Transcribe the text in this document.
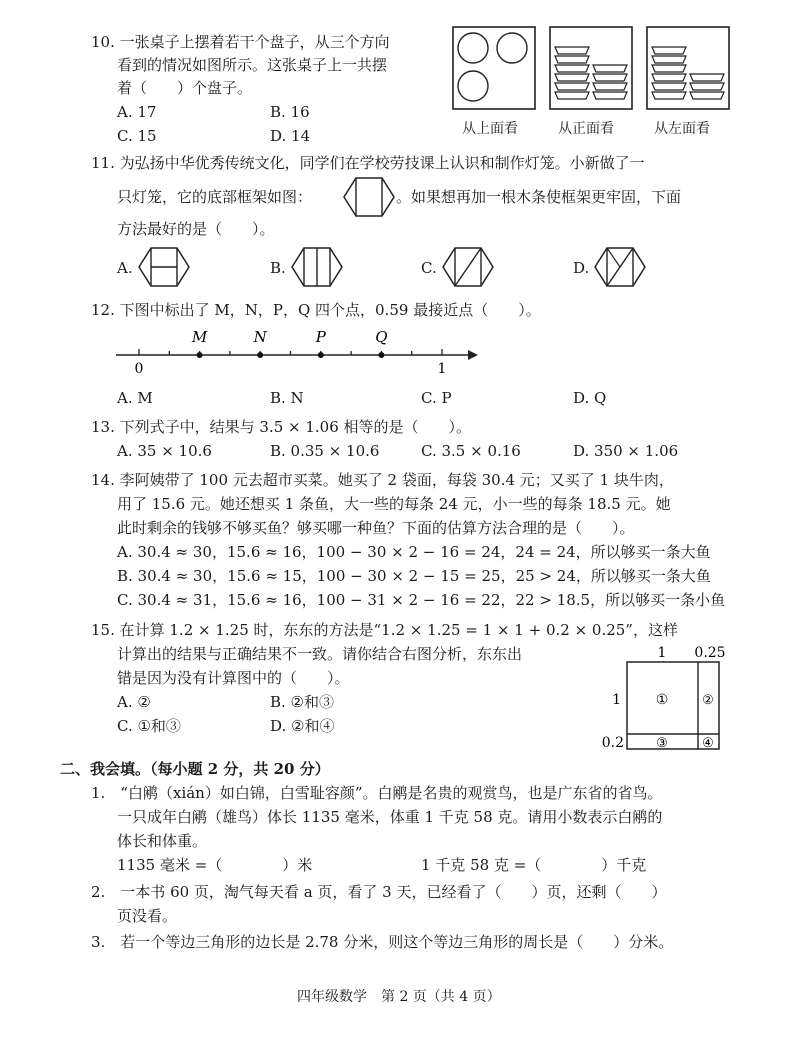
10. 一张桌子上摆着若干个盘子，从三个方向
看到的情况如图所示。这张桌子上一共摆
着（　　）个盘子。
A. 17	B. 16
C. 15	D. 14	从上面看	从正面看	从左面看
11. 为弘扬中华优秀传统文化，同学们在学校劳技课上认识和制作灯笼。小新做了一
只灯笼，它的底部框架如图：	。如果想再加一根木条使框架更牢固，下面
方法最好的是（　　）。
A.	B.	C.	D.
12. 下图中标出了 M，N，P，Q 四个点，0.59 最接近点（　　）。
M	N	P	Q
0	1
A. M	B. N	C. P	D. Q
13. 下列式子中，结果与 3.5 × 1.06 相等的是（　　）。
A. 35 × 10.6	B. 0.35 × 10.6	C. 3.5 × 0.16	D. 350 × 1.06
14. 李阿姨带了 100 元去超市买菜。她买了 2 袋面，每袋 30.4 元；又买了 1 块牛肉，
用了 15.6 元。她还想买 1 条鱼，大一些的每条 24 元，小一些的每条 18.5 元。她
此时剩余的钱够不够买鱼？够买哪一种鱼？下面的估算方法合理的是（　　）。
A. 30.4 ≈ 30，15.6 ≈ 16，100 − 30 × 2 − 16 = 24，24 = 24，所以够买一条大鱼
B. 30.4 ≈ 30，15.6 ≈ 15，100 − 30 × 2 − 15 = 25，25 > 24，所以够买一条大鱼
C. 30.4 ≈ 31，15.6 ≈ 16，100 − 31 × 2 − 16 = 22，22 > 18.5，所以够买一条小鱼
15. 在计算 1.2 × 1.25 时，东东的方法是“1.2 × 1.25 = 1 × 1 + 0.2 × 0.25”，这样
计算出的结果与正确结果不一致。请你结合右图分析，东东出
错是因为没有计算图中的（　　）。
A. ②	B. ②和③
C. ①和③	D. ②和④
1 0.25
1
0.2
①	②
③	④
二、我会填。（每小题 2 分，共 20 分）
1.　“白鹇（xián）如白锦，白雪耻容颜”。白鹇是名贵的观赏鸟，也是广东省的省鸟。
一只成年白鹇（雄鸟）体长 1135 毫米，体重 1 千克 58 克。请用小数表示白鹇的
体长和体重。
1135 毫米 =（　　　　）米	1 千克 58 克 =（　　　　）千克
2.　一本书 60 页，淘气每天看 a 页，看了 3 天，已经看了（　　）页，还剩（　　）
页没看。
3.　若一个等边三角形的边长是 2.78 分米，则这个等边三角形的周长是（　　）分米。
四年级数学　第 2 页（共 4 页）
